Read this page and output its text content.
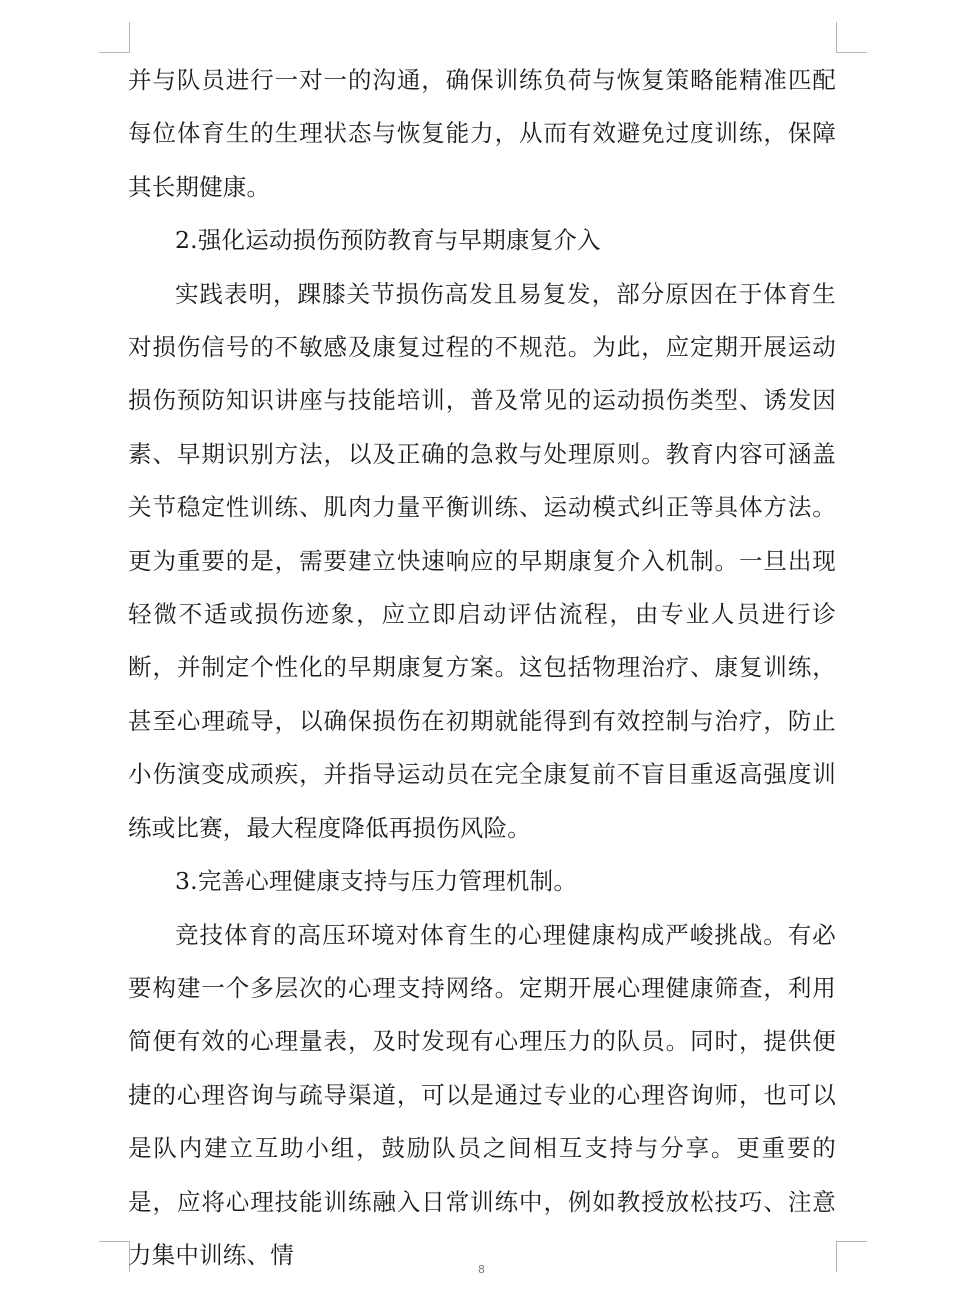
并与队员进行一对一的沟通，确保训练负荷与恢复策略能精准匹配每位体育生的生理状态与恢复能力，从而有效避免过度训练，保障其长期健康。

2.强化运动损伤预防教育与早期康复介入

实践表明，踝膝关节损伤高发且易复发，部分原因在于体育生对损伤信号的不敏感及康复过程的不规范。为此，应定期开展运动损伤预防知识讲座与技能培训，普及常见的运动损伤类型、诱发因素、早期识别方法，以及正确的急救与处理原则。教育内容可涵盖关节稳定性训练、肌肉力量平衡训练、运动模式纠正等具体方法。更为重要的是，需要建立快速响应的早期康复介入机制。一旦出现轻微不适或损伤迹象，应立即启动评估流程，由专业人员进行诊断，并制定个性化的早期康复方案。这包括物理治疗、康复训练，甚至心理疏导，以确保损伤在初期就能得到有效控制与治疗，防止小伤演变成顽疾，并指导运动员在完全康复前不盲目重返高强度训练或比赛，最大程度降低再损伤风险。

3.完善心理健康支持与压力管理机制。

竞技体育的高压环境对体育生的心理健康构成严峻挑战。有必要构建一个多层次的心理支持网络。定期开展心理健康筛查，利用简便有效的心理量表，及时发现有心理压力的队员。同时，提供便捷的心理咨询与疏导渠道，可以是通过专业的心理咨询师，也可以是队内建立互助小组，鼓励队员之间相互支持与分享。更重要的是，应将心理技能训练融入日常训练中，例如教授放松技巧、注意力集中训练、情

8
